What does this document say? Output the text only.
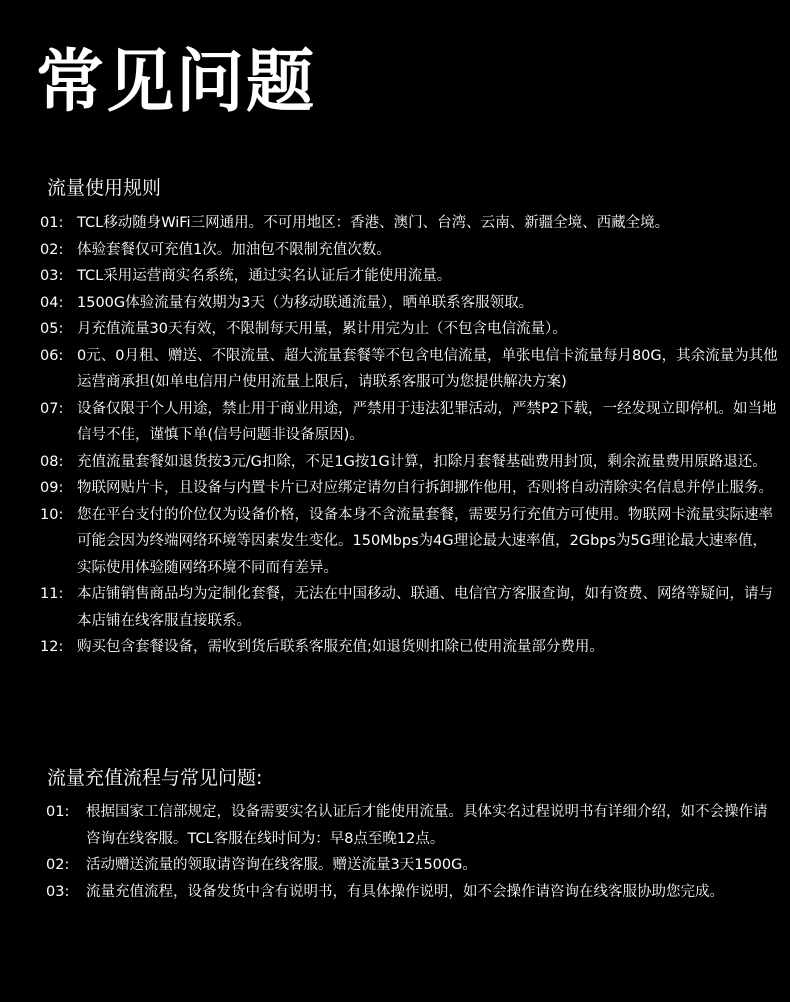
常见问题
流量使用规则
01: TCL移动随身WiFi三网通用。不可用地区：香港、澳门、台湾、云南、新疆全境、西藏全境。
02: 体验套餐仅可充值1次。加油包不限制充值次数。
03: TCL采用运营商实名系统，通过实名认证后才能使用流量。
04: 1500G体验流量有效期为3天（为移动联通流量），晒单联系客服领取。
05: 月充值流量30天有效，不限制每天用量，累计用完为止（不包含电信流量）。
06: 0元、0月租、赠送、不限流量、超大流量套餐等不包含电信流量，单张电信卡流量每月80G，其余流量为其他运营商承担(如单电信用户使用流量上限后，请联系客服可为您提供解决方案)
07: 设备仅限于个人用途，禁止用于商业用途，严禁用于违法犯罪活动，严禁P2下载，一经发现立即停机。如当地信号不佳，谨慎下单(信号问题非设备原因)。
08: 充值流量套餐如退货按3元/G扣除，不足1G按1G计算，扣除月套餐基础费用封顶，剩余流量费用原路退还。
09: 物联网贴片卡，且设备与内置卡片已对应绑定请勿自行拆卸挪作他用，否则将自动清除实名信息并停止服务。
10: 您在平台支付的价位仅为设备价格，设备本身不含流量套餐，需要另行充值方可使用。物联网卡流量实际速率可能会因为终端网络环境等因素发生变化。150Mbps为4G理论最大速率值，2Gbps为5G理论最大速率值，实际使用体验随网络环境不同而有差异。
11: 本店铺销售商品均为定制化套餐，无法在中国移动、联通、电信官方客服查询，如有资费、网络等疑问，请与本店铺在线客服直接联系。
12: 购买包含套餐设备，需收到货后联系客服充值;如退货则扣除已使用流量部分费用。
流量充值流程与常见问题:
01: 根据国家工信部规定，设备需要实名认证后才能使用流量。具体实名过程说明书有详细介绍，如不会操作请咨询在线客服。TCL客服在线时间为：早8点至晚12点。
02: 活动赠送流量的领取请咨询在线客服。赠送流量3天1500G。
03: 流量充值流程，设备发货中含有说明书，有具体操作说明，如不会操作请咨询在线客服协助您完成。
